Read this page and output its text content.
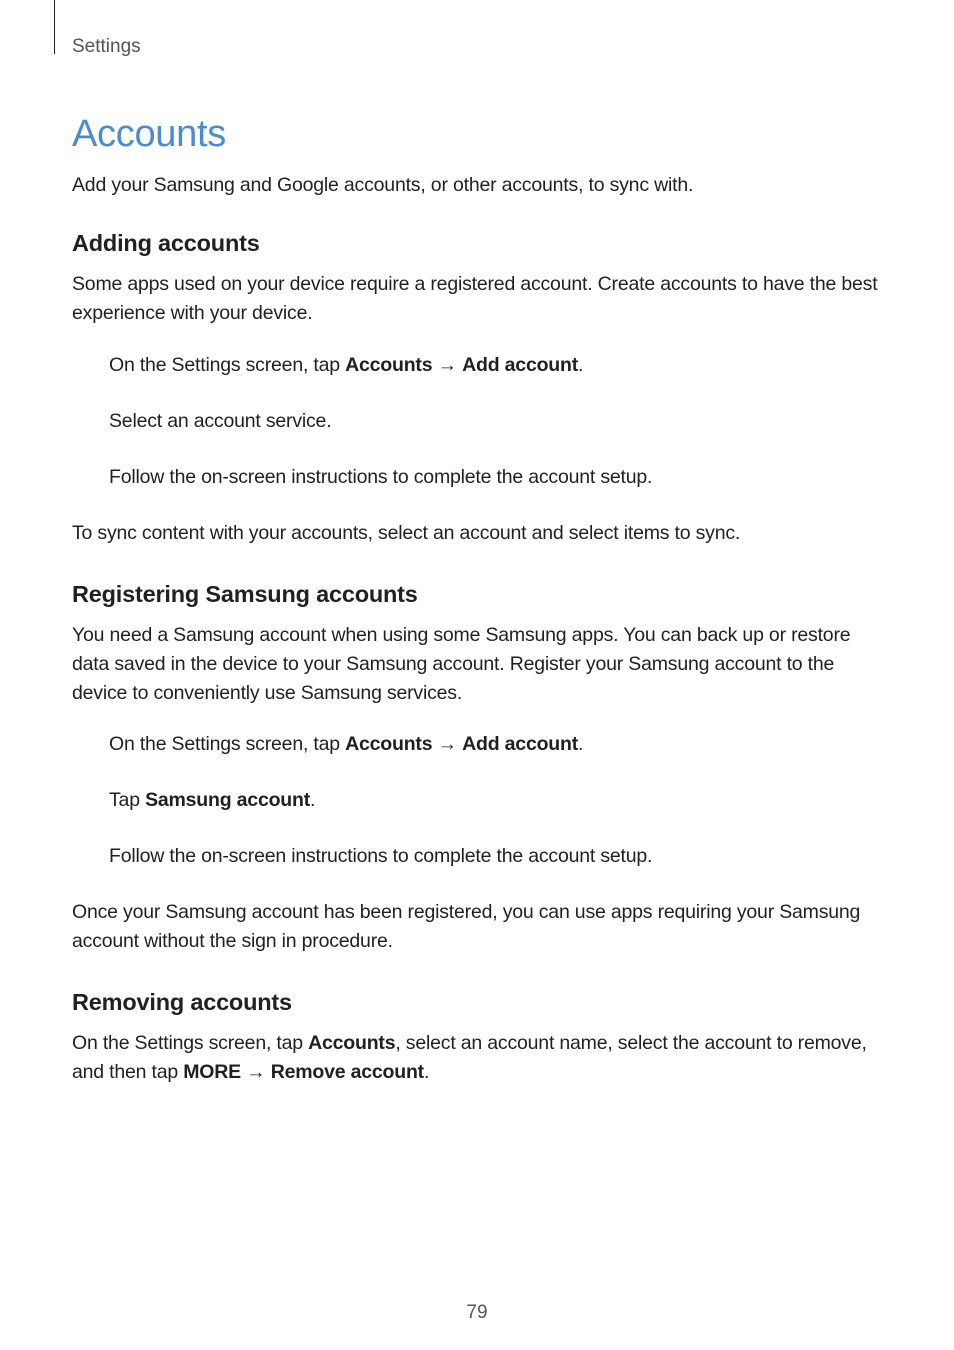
Settings
Accounts

Add your Samsung and Google accounts, or other accounts, to sync with.

Adding accounts

Some apps used on your device require a registered account. Create accounts to have the best experience with your device.

On the Settings screen, tap Accounts → Add account.

Select an account service.

Follow the on-screen instructions to complete the account setup.

To sync content with your accounts, select an account and select items to sync.

Registering Samsung accounts

You need a Samsung account when using some Samsung apps. You can back up or restore data saved in the device to your Samsung account. Register your Samsung account to the device to conveniently use Samsung services.

On the Settings screen, tap Accounts → Add account.

Tap Samsung account.

Follow the on-screen instructions to complete the account setup.

Once your Samsung account has been registered, you can use apps requiring your Samsung account without the sign in procedure.

Removing accounts

On the Settings screen, tap Accounts, select an account name, select the account to remove, and then tap MORE → Remove account.

79
